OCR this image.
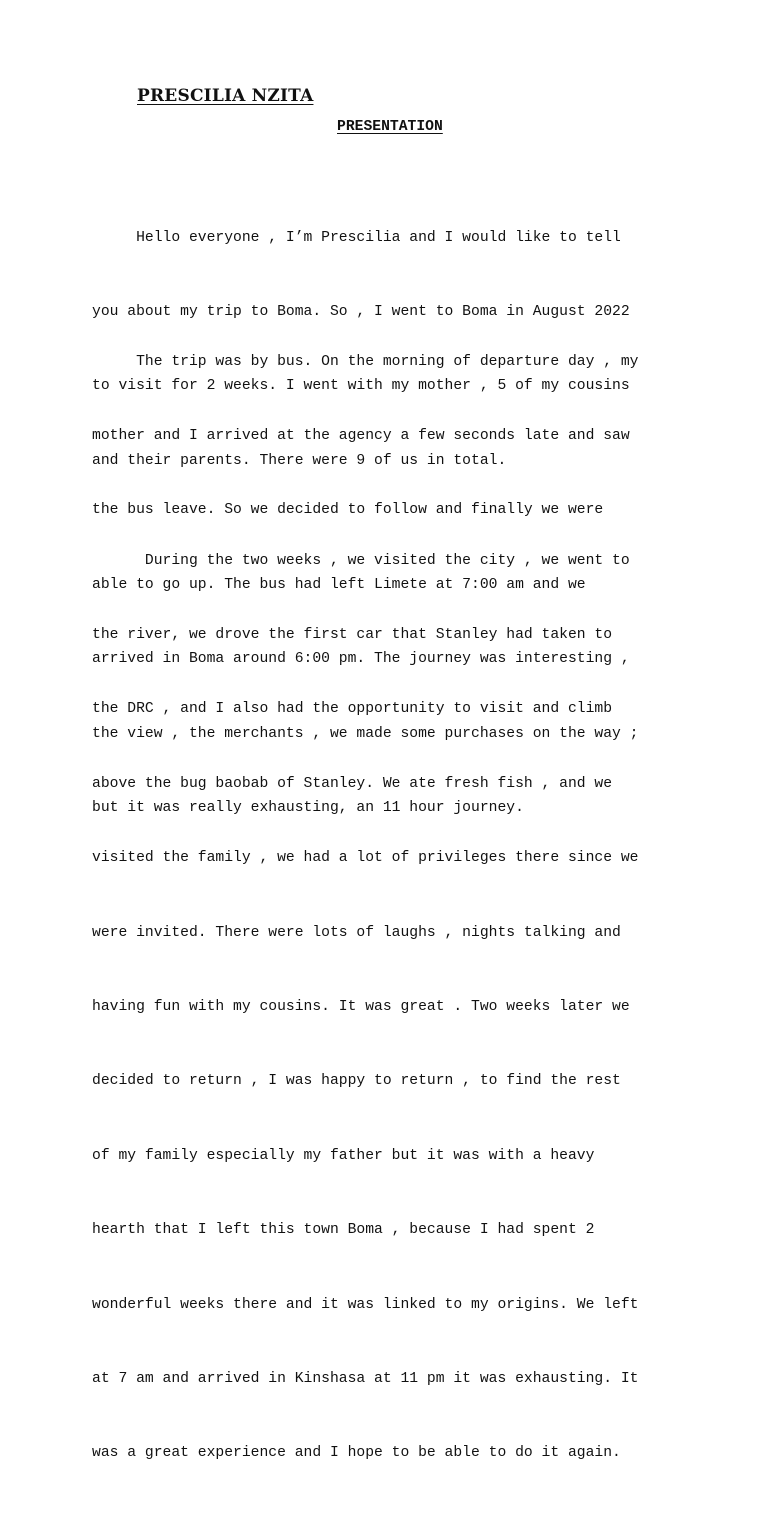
PRESCILIA NZITA
PRESENTATION

Hello everyone , I’m Prescilia and I would like to tell

you about my trip to Boma. So , I went to Boma in August 2022

to visit for 2 weeks. I went with my mother , 5 of my cousins

and their parents. There were 9 of us in total.

The trip was by bus. On the morning of departure day , my

mother and I arrived at the agency a few seconds late and saw

the bus leave. So we decided to follow and finally we were

able to go up. The bus had left Limete at 7:00 am and we

arrived in Boma around 6:00 pm. The journey was interesting ,

the view , the merchants , we made some purchases on the way ;

but it was really exhausting, an 11 hour journey.

During the two weeks , we visited the city , we went to

the river, we drove the first car that Stanley had taken to

the DRC , and I also had the opportunity to visit and climb

above the bug baobab of Stanley. We ate fresh fish , and we

visited the family , we had a lot of privileges there since we

were invited. There were lots of laughs , nights talking and

having fun with my cousins. It was great . Two weeks later we

decided to return , I was happy to return , to find the rest

of my family especially my father but it was with a heavy

hearth that I left this town Boma , because I had spent 2

wonderful weeks there and it was linked to my origins. We left

at 7 am and arrived in Kinshasa at 11 pm it was exhausting. It

was a great experience and I hope to be able to do it again.
